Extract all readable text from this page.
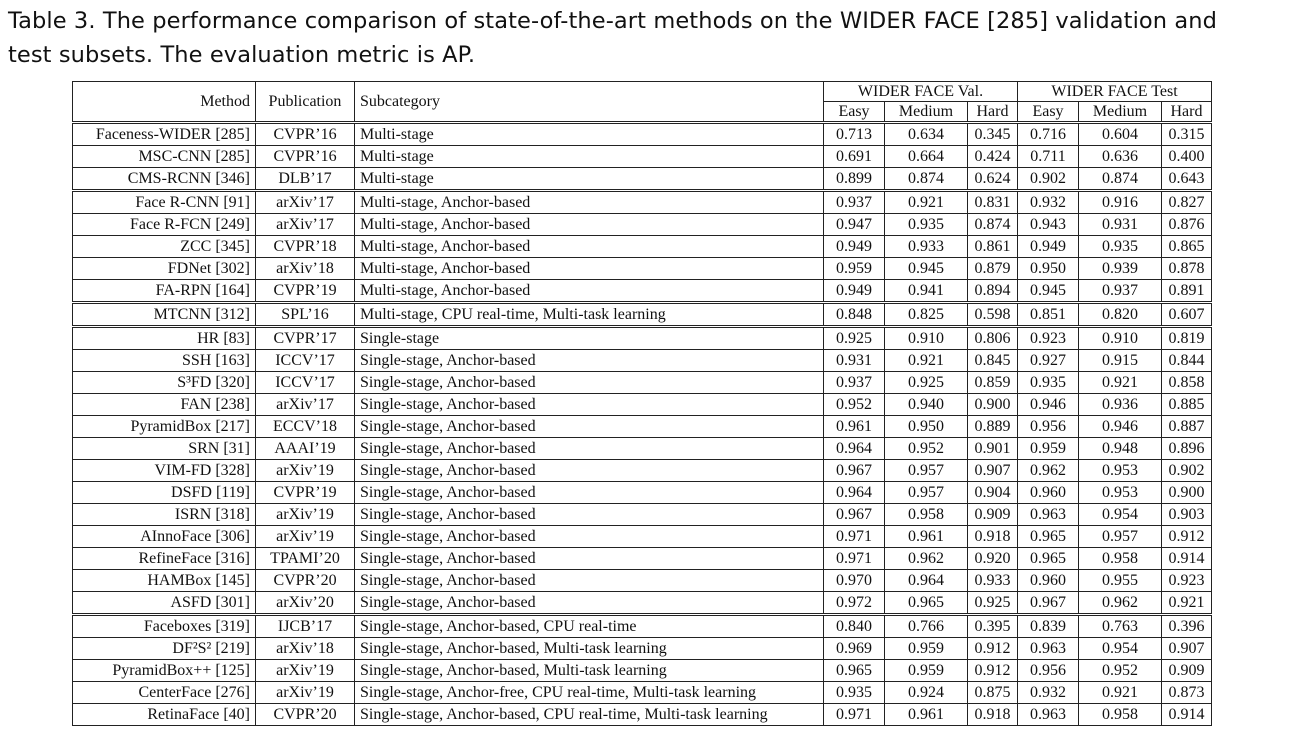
Table 3. The performance comparison of state-of-the-art methods on the WIDER FACE [285] validation and
test subsets. The evaluation metric is AP.
Method	Publication	Subcategory	WIDER FACE Val.			WIDER FACE Test		
			Easy	Medium	Hard	Easy	Medium	Hard
Faceness-WIDER [285]	CVPR’16	Multi-stage	0.713	0.634	0.345	0.716	0.604	0.315
MSC-CNN [285]	CVPR’16	Multi-stage	0.691	0.664	0.424	0.711	0.636	0.400
CMS-RCNN [346]	DLB’17	Multi-stage	0.899	0.874	0.624	0.902	0.874	0.643
Face R-CNN [91]	arXiv’17	Multi-stage, Anchor-based	0.937	0.921	0.831	0.932	0.916	0.827
Face R-FCN [249]	arXiv’17	Multi-stage, Anchor-based	0.947	0.935	0.874	0.943	0.931	0.876
ZCC [345]	CVPR’18	Multi-stage, Anchor-based	0.949	0.933	0.861	0.949	0.935	0.865
FDNet [302]	arXiv’18	Multi-stage, Anchor-based	0.959	0.945	0.879	0.950	0.939	0.878
FA-RPN [164]	CVPR’19	Multi-stage, Anchor-based	0.949	0.941	0.894	0.945	0.937	0.891
MTCNN [312]	SPL’16	Multi-stage, CPU real-time, Multi-task learning	0.848	0.825	0.598	0.851	0.820	0.607
HR [83]	CVPR’17	Single-stage	0.925	0.910	0.806	0.923	0.910	0.819
SSH [163]	ICCV’17	Single-stage, Anchor-based	0.931	0.921	0.845	0.927	0.915	0.844
S³FD [320]	ICCV’17	Single-stage, Anchor-based	0.937	0.925	0.859	0.935	0.921	0.858
FAN [238]	arXiv’17	Single-stage, Anchor-based	0.952	0.940	0.900	0.946	0.936	0.885
PyramidBox [217]	ECCV’18	Single-stage, Anchor-based	0.961	0.950	0.889	0.956	0.946	0.887
SRN [31]	AAAI’19	Single-stage, Anchor-based	0.964	0.952	0.901	0.959	0.948	0.896
VIM-FD [328]	arXiv’19	Single-stage, Anchor-based	0.967	0.957	0.907	0.962	0.953	0.902
DSFD [119]	CVPR’19	Single-stage, Anchor-based	0.964	0.957	0.904	0.960	0.953	0.900
ISRN [318]	arXiv’19	Single-stage, Anchor-based	0.967	0.958	0.909	0.963	0.954	0.903
AInnoFace [306]	arXiv’19	Single-stage, Anchor-based	0.971	0.961	0.918	0.965	0.957	0.912
RefineFace [316]	TPAMI’20	Single-stage, Anchor-based	0.971	0.962	0.920	0.965	0.958	0.914
HAMBox [145]	CVPR’20	Single-stage, Anchor-based	0.970	0.964	0.933	0.960	0.955	0.923
ASFD [301]	arXiv’20	Single-stage, Anchor-based	0.972	0.965	0.925	0.967	0.962	0.921
Faceboxes [319]	IJCB’17	Single-stage, Anchor-based, CPU real-time	0.840	0.766	0.395	0.839	0.763	0.396
DF²S² [219]	arXiv’18	Single-stage, Anchor-based, Multi-task learning	0.969	0.959	0.912	0.963	0.954	0.907
PyramidBox++ [125]	arXiv’19	Single-stage, Anchor-based, Multi-task learning	0.965	0.959	0.912	0.956	0.952	0.909
CenterFace [276]	arXiv’19	Single-stage, Anchor-free, CPU real-time, Multi-task learning	0.935	0.924	0.875	0.932	0.921	0.873
RetinaFace [40]	CVPR’20	Single-stage, Anchor-based, CPU real-time, Multi-task learning	0.971	0.961	0.918	0.963	0.958	0.914
